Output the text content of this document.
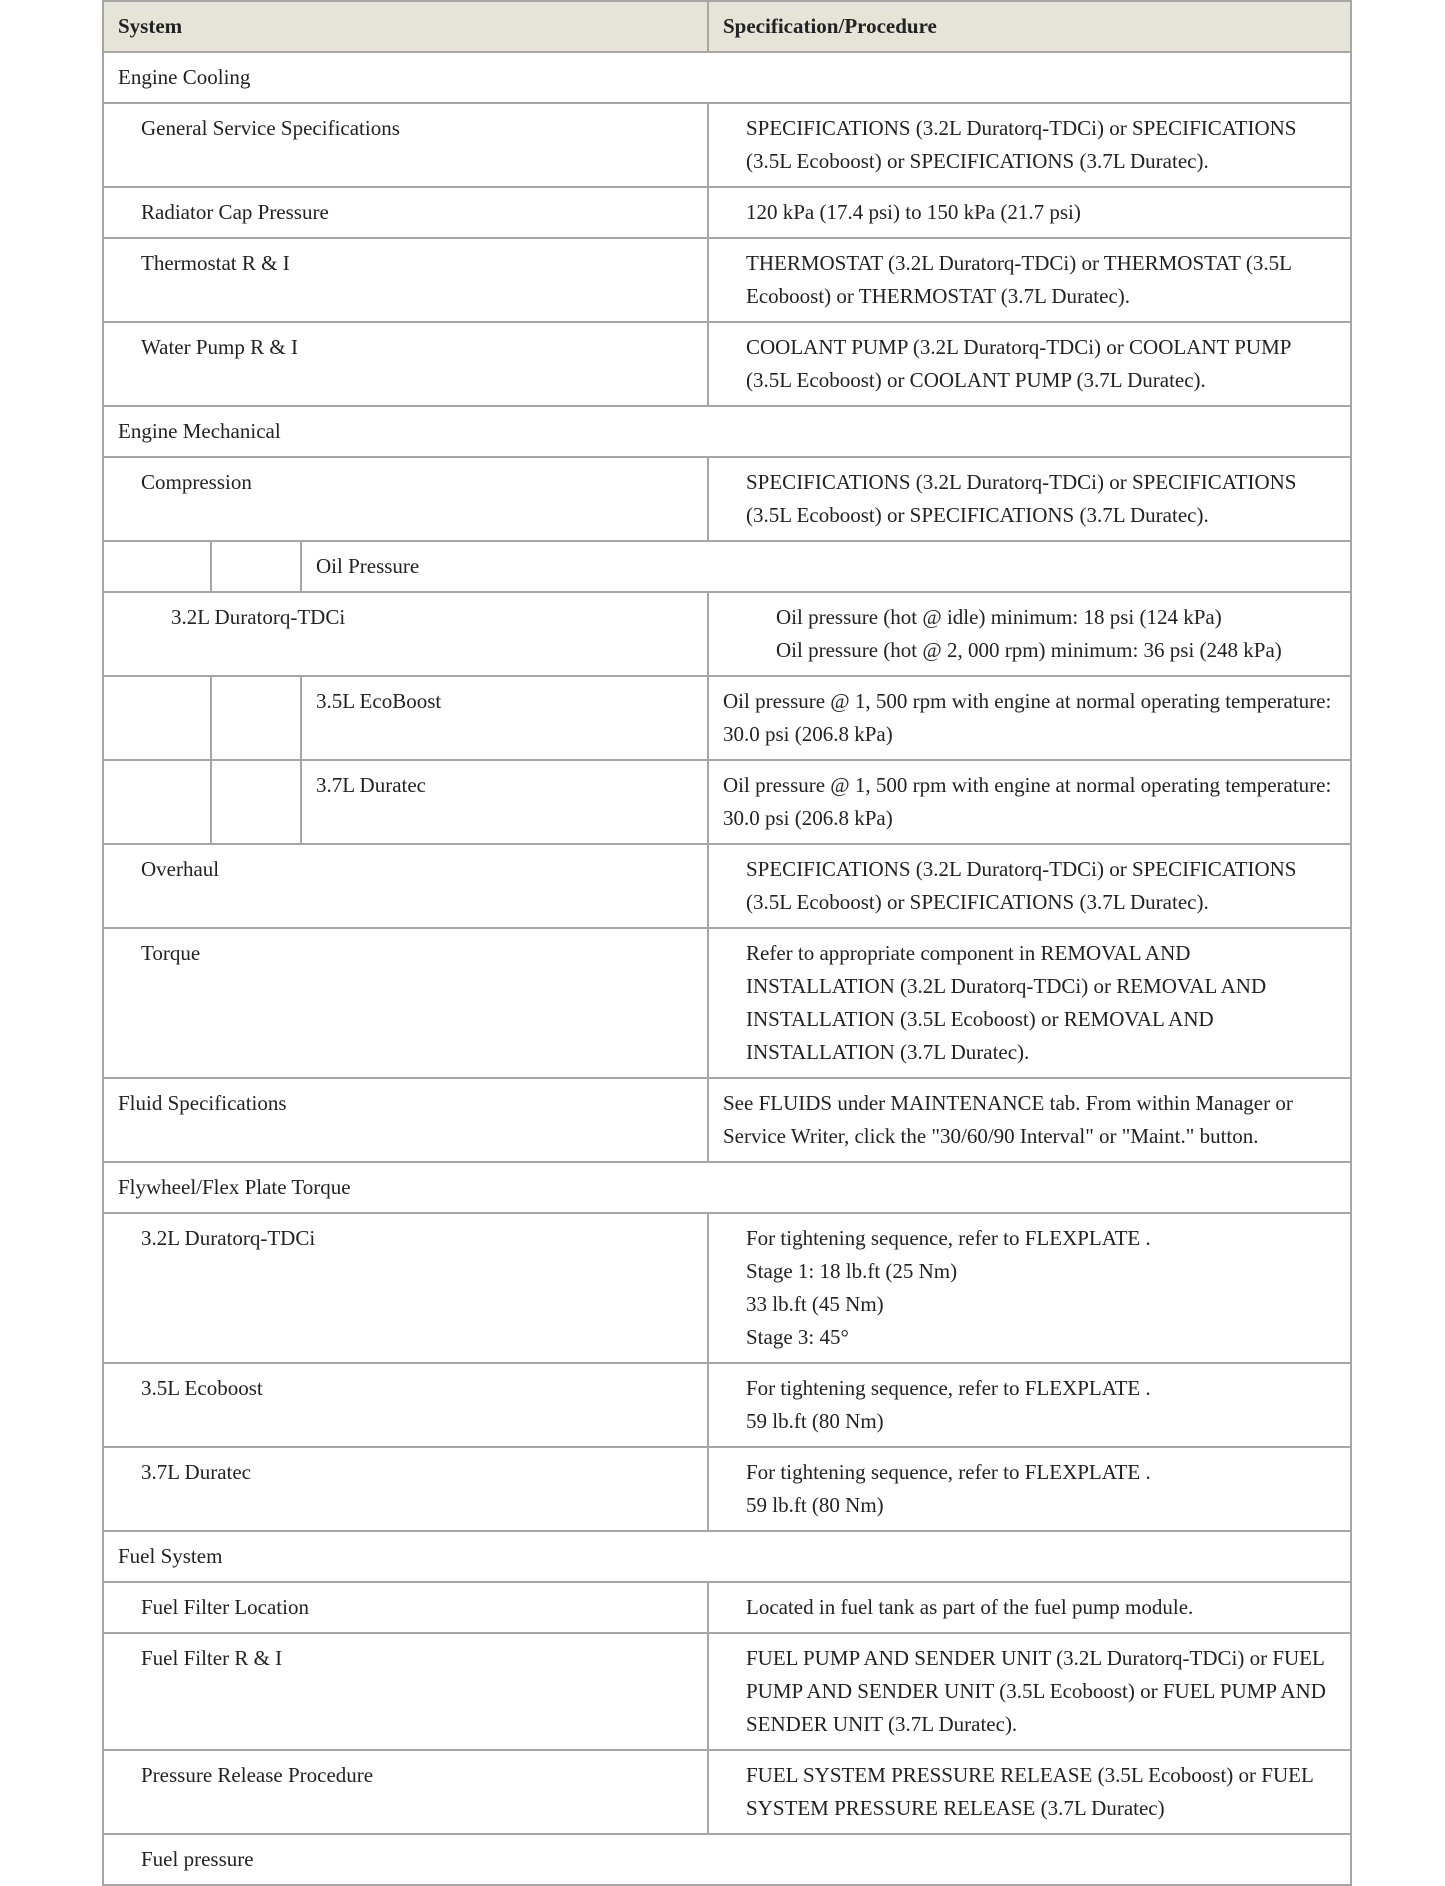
System			Specification/Procedure
Engine Cooling			
General Service Specifications			SPECIFICATIONS (3.2L Duratorq-TDCi) or SPECIFICATIONS (3.5L Ecoboost) or SPECIFICATIONS (3.7L Duratec).
Radiator Cap Pressure			120 kPa (17.4 psi) to 150 kPa (21.7 psi)
Thermostat R & I			THERMOSTAT (3.2L Duratorq-TDCi) or THERMOSTAT (3.5L Ecoboost) or THERMOSTAT (3.7L Duratec).
Water Pump R & I			COOLANT PUMP (3.2L Duratorq-TDCi) or COOLANT PUMP (3.5L Ecoboost) or COOLANT PUMP (3.7L Duratec).
Engine Mechanical			
Compression			SPECIFICATIONS (3.2L Duratorq-TDCi) or SPECIFICATIONS (3.5L Ecoboost) or SPECIFICATIONS (3.7L Duratec).
		Oil Pressure	
3.2L Duratorq-TDCi			Oil pressure (hot @ idle) minimum: 18 psi (124 kPa)
Oil pressure (hot @ 2, 000 rpm) minimum: 36 psi (248 kPa)

		3.5L EcoBoost	Oil pressure @ 1, 500 rpm with engine at normal operating temperature: 30.0 psi (206.8 kPa)
		3.7L Duratec	Oil pressure @ 1, 500 rpm with engine at normal operating temperature: 30.0 psi (206.8 kPa)
Overhaul			SPECIFICATIONS (3.2L Duratorq-TDCi) or SPECIFICATIONS (3.5L Ecoboost) or SPECIFICATIONS (3.7L Duratec).
Torque			Refer to appropriate component in REMOVAL AND INSTALLATION (3.2L Duratorq-TDCi) or REMOVAL AND INSTALLATION (3.5L Ecoboost) or REMOVAL AND INSTALLATION (3.7L Duratec).
Fluid Specifications			See FLUIDS under MAINTENANCE tab. From within Manager or Service Writer, click the "30/60/90 Interval" or "Maint." button.
Flywheel/Flex Plate Torque			
3.2L Duratorq-TDCi			For tightening sequence, refer to FLEXPLATE .
Stage 1: 18 lb.ft (25 Nm)
33 lb.ft (45 Nm)
Stage 3: 45°

3.5L Ecoboost			For tightening sequence, refer to FLEXPLATE .
59 lb.ft (80 Nm)

3.7L Duratec			For tightening sequence, refer to FLEXPLATE .
59 lb.ft (80 Nm)

Fuel System			
Fuel Filter Location			Located in fuel tank as part of the fuel pump module.
Fuel Filter R & I			FUEL PUMP AND SENDER UNIT (3.2L Duratorq-TDCi) or FUEL PUMP AND SENDER UNIT (3.5L Ecoboost) or FUEL PUMP AND SENDER UNIT (3.7L Duratec).
Pressure Release Procedure			FUEL SYSTEM PRESSURE RELEASE (3.5L Ecoboost) or FUEL SYSTEM PRESSURE RELEASE (3.7L Duratec)
Fuel pressure			
